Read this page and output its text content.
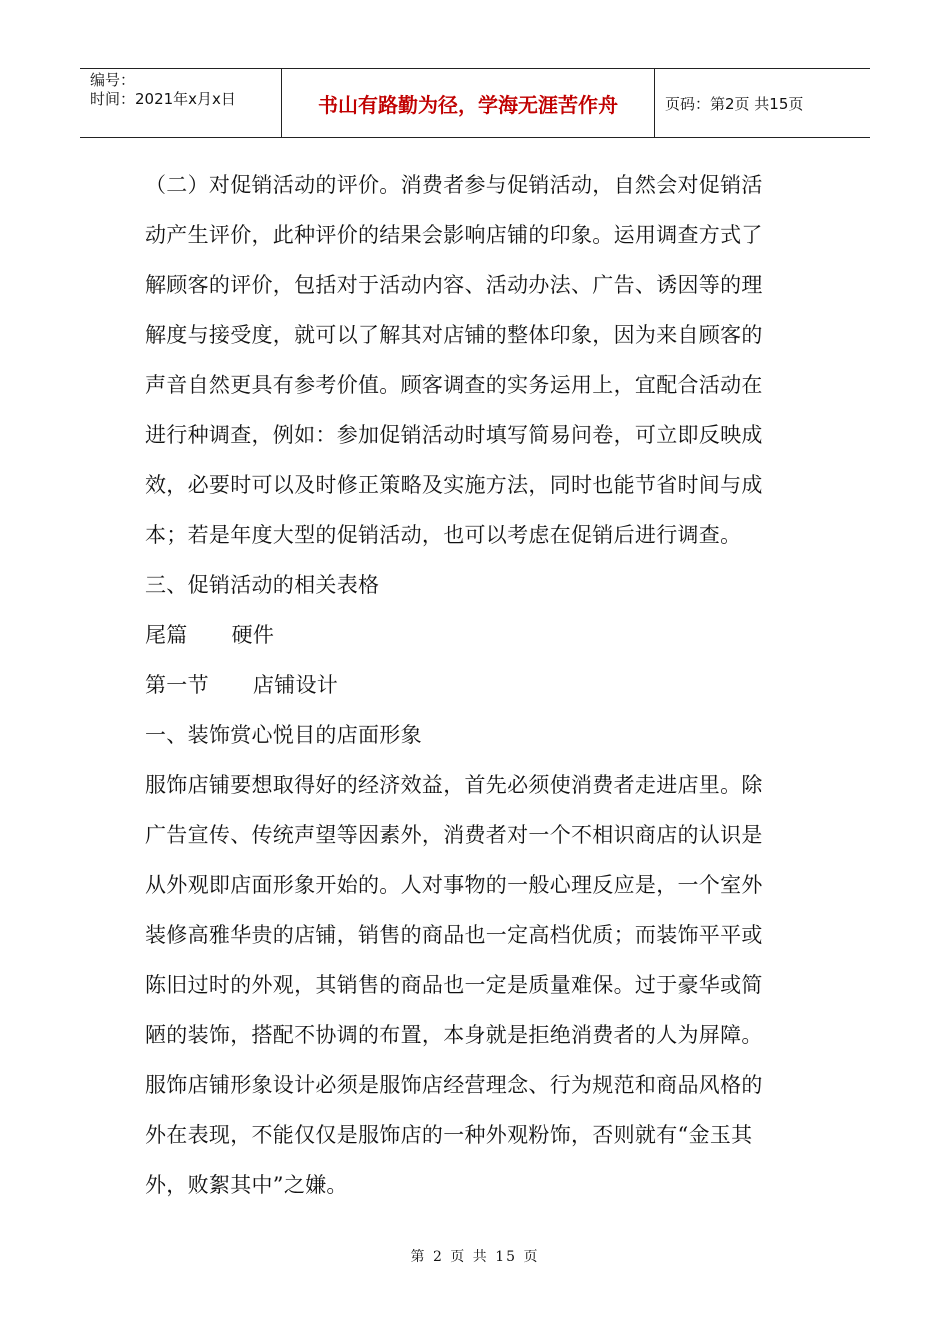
编号：
时间：2021年x月x日	书山有路勤为径，学海无涯苦作舟	页码：第2页 共15页

（二）对促销活动的评价。消费者参与促销活动，自然会对促销活

动产生评价，此种评价的结果会影响店铺的印象。运用调查方式了

解顾客的评价，包括对于活动内容、活动办法、广告、诱因等的理

解度与接受度，就可以了解其对店铺的整体印象，因为来自顾客的

声音自然更具有参考价值。顾客调查的实务运用上，宜配合活动在

进行种调查，例如：参加促销活动时填写简易问卷，可立即反映成

效，必要时可以及时修正策略及实施方法，同时也能节省时间与成

本；若是年度大型的促销活动，也可以考虑在促销后进行调查。

三、促销活动的相关表格

尾篇 硬件

第一节 店铺设计

一、装饰赏心悦目的店面形象

服饰店铺要想取得好的经济效益，首先必须使消费者走进店里。除

广告宣传、传统声望等因素外，消费者对一个不相识商店的认识是

从外观即店面形象开始的。人对事物的一般心理反应是，一个室外

装修高雅华贵的店铺，销售的商品也一定高档优质；而装饰平平或

陈旧过时的外观，其销售的商品也一定是质量难保。过于豪华或简

陋的装饰，搭配不协调的布置，本身就是拒绝消费者的人为屏障。

服饰店铺形象设计必须是服饰店经营理念、行为规范和商品风格的

外在表现，不能仅仅是服饰店的一种外观粉饰，否则就有“金玉其

外，败絮其中”之嫌。

第 2 页 共 15 页
